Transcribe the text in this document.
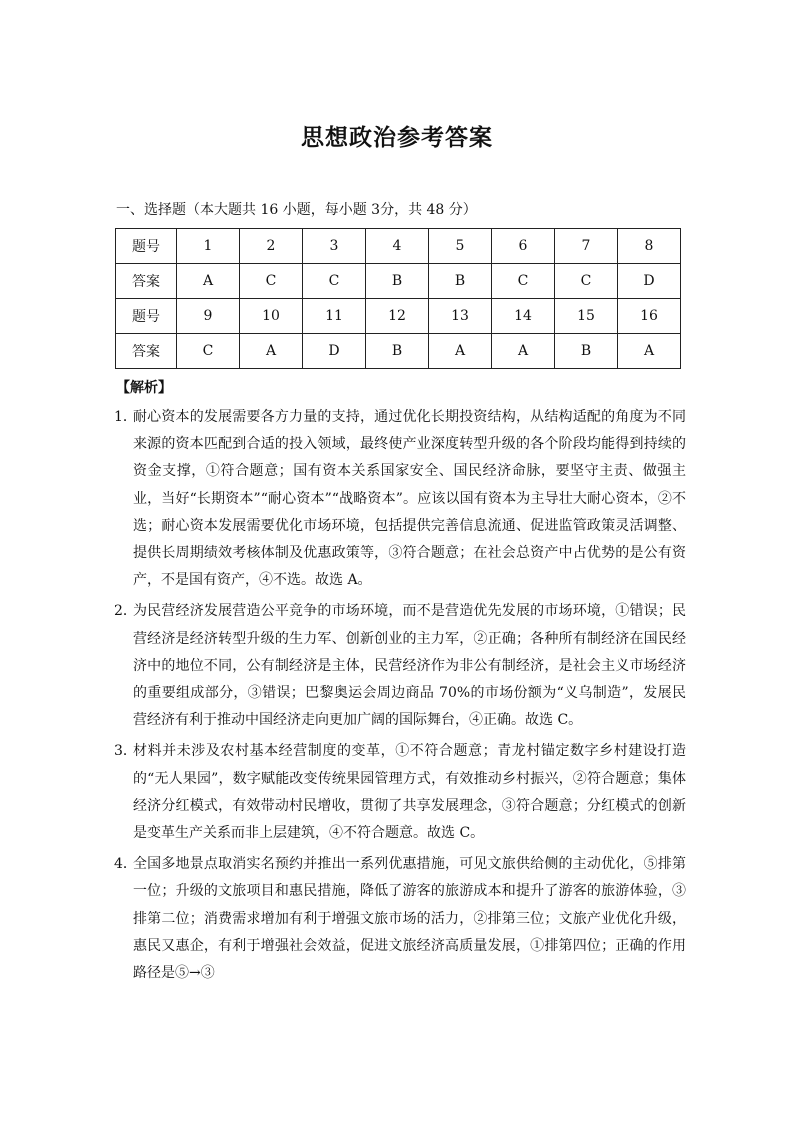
思想政治参考答案
一、选择题（本大题共 16 小题，每小题 3分，共 48 分）
题号	1	2	3	4	5	6	7	8
答案	A	C	C	B	B	C	C	D
题号	9	10	11	12	13	14	15	16
答案	C	A	D	B	A	A	B	A
【解析】
1．
耐心资本的发展需要各方力量的支持，通过优化长期投资结构，从结构适配的角度为不同来源的资本匹配到合适的投入领域，最终使产业深度转型升级的各个阶段均能得到持续的资金支撑，①符合题意；国有资本关系国家安全、国民经济命脉，要坚守主责、做强主业，当好“长期资本”“耐心资本”“战略资本”。应该以国有资本为主导壮大耐心资本，②不选；耐心资本发展需要优化市场环境，包括提供完善信息流通、促进监管政策灵活调整、提供长周期绩效考核体制及优惠政策等，③符合题意；在社会总资产中占优势的是公有资产，不是国有资产，④不选。故选 A。
2．
为民营经济发展营造公平竞争的市场环境，而不是营造优先发展的市场环境，①错误；民营经济是经济转型升级的生力军、创新创业的主力军，②正确；各种所有制经济在国民经济中的地位不同，公有制经济是主体，民营经济作为非公有制经济，是社会主义市场经济的重要组成部分，③错误；巴黎奥运会周边商品 70%的市场份额为“义乌制造”，发展民营经济有利于推动中国经济走向更加广阔的国际舞台，④正确。故选 C。
3．
材料并未涉及农村基本经营制度的变革，①不符合题意；青龙村锚定数字乡村建设打造的“无人果园”，数字赋能改变传统果园管理方式，有效推动乡村振兴，②符合题意；集体经济分红模式，有效带动村民增收，贯彻了共享发展理念，③符合题意；分红模式的创新是变革生产关系而非上层建筑，④不符合题意。故选 C。
4．
全国多地景点取消实名预约并推出一系列优惠措施，可见文旅供给侧的主动优化，⑤排第一位；升级的文旅项目和惠民措施，降低了游客的旅游成本和提升了游客的旅游体验，③排第二位；消费需求增加有利于增强文旅市场的活力，②排第三位；文旅产业优化升级，惠民又惠企，有利于增强社会效益，促进文旅经济高质量发展，①排第四位；正确的作用路径是⑤→③
